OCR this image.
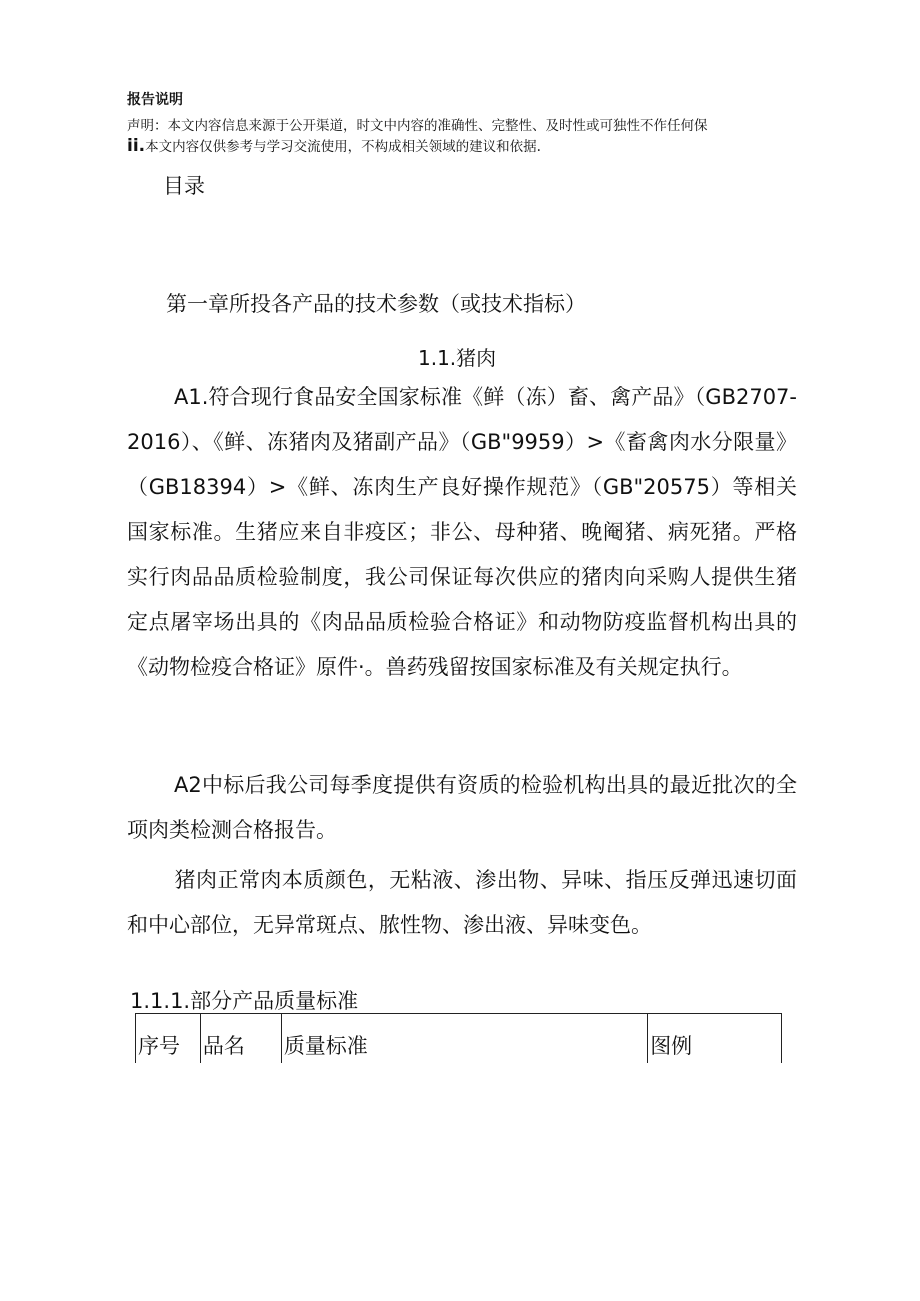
报告说明
声明：本文内容信息来源于公开渠道，时文中内容的准确性、完整性、及时性或可独性不作任何保
ii.本文内容仅供参考与学习交流使用，不构成相关领域的建议和依据.
目录
第一章所投各产品的技术参数（或技术指标）
1.1.猪肉
A1.符合现行食品安全国家标准《鲜（冻）畜、禽产品》（GB2707-2016）、《鲜、冻猪肉及猪副产品》（GB"9959）>《畜禽肉水分限量》（GB18394）>《鲜、冻肉生产良好操作规范》（GB"20575）等相关国家标准。生猪应来自非疫区；非公、母种猪、晚阉猪、病死猪。严格实行肉品品质检验制度，我公司保证每次供应的猪肉向采购人提供生猪定点屠宰场出具的《肉品品质检验合格证》和动物防疫监督机构出具的《动物检疫合格证》原件·。兽药残留按国家标准及有关规定执行。
A2中标后我公司每季度提供有资质的检验机构出具的最近批次的全项肉类检测合格报告。
猪肉正常肉本质颜色，无粘液、渗出物、异味、指压反弹迅速切面和中心部位，无异常斑点、脓性物、渗出液、异味变色。
1.1.1.部分产品质量标准
序号	品名	质量标准	图例
